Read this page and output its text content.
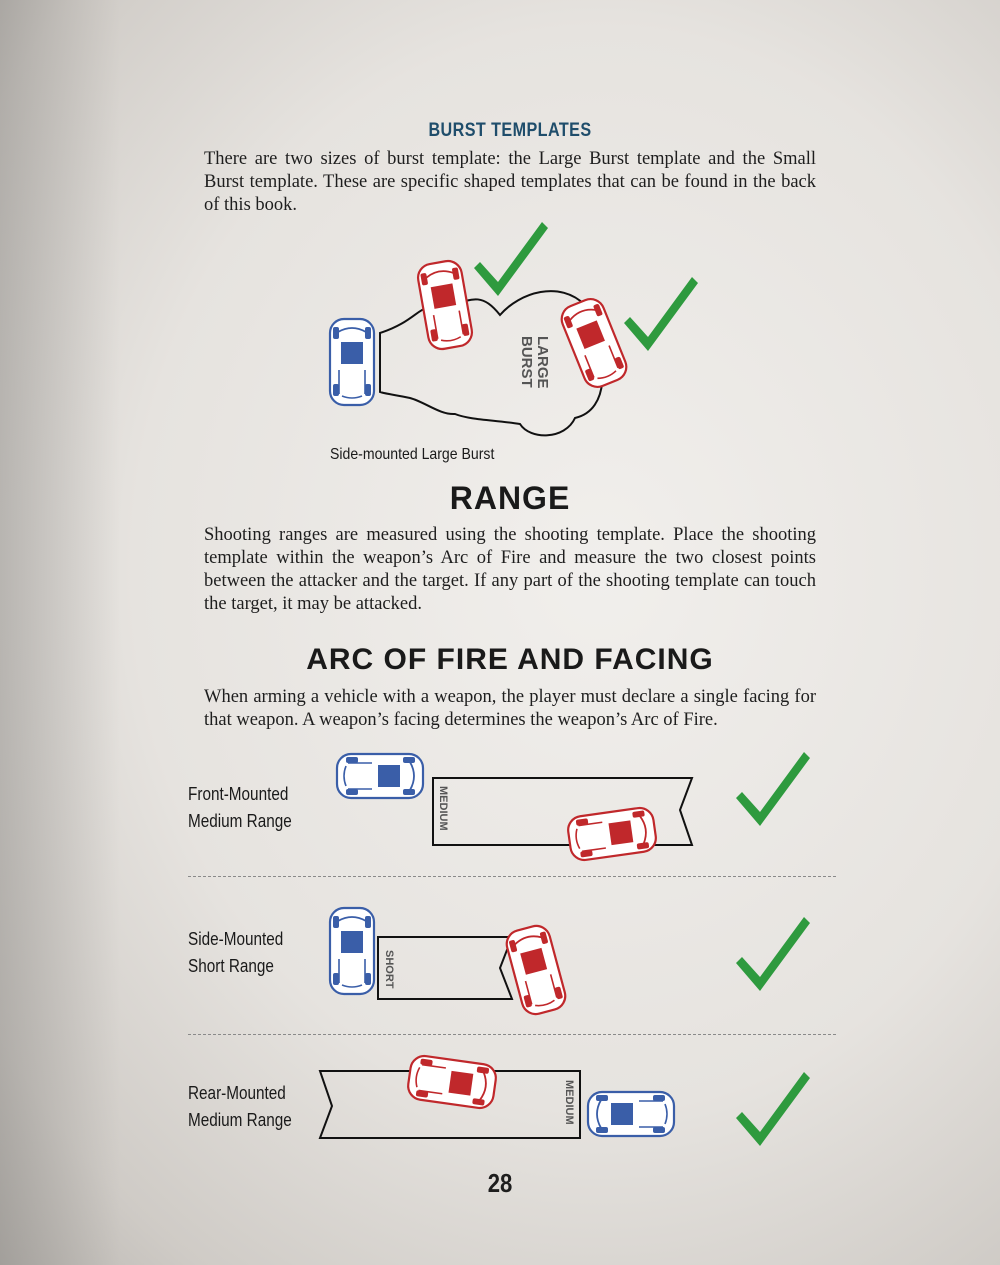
BURST TEMPLATES
There are two sizes of burst template: the Large Burst template and the Small Burst template. These are specific shaped templates that can be found in the back of this book.
LARGEBURST
MEDIUM
SHORT
MEDIUM
Side-mounted Large Burst
RANGE
Shooting ranges are measured using the shooting template. Place the shooting template within the weapon’s Arc of Fire and measure the two closest points between the attacker and the target. If any part of the shooting template can touch the target, it may be attacked.
ARC OF FIRE AND FACING
When arming a vehicle with a weapon, the player must declare a single facing for that weapon. A weapon’s facing determines the weapon’s Arc of Fire.
Front-Mounted
Medium Range
Side-Mounted
Short Range
Rear-Mounted
Medium Range
28
